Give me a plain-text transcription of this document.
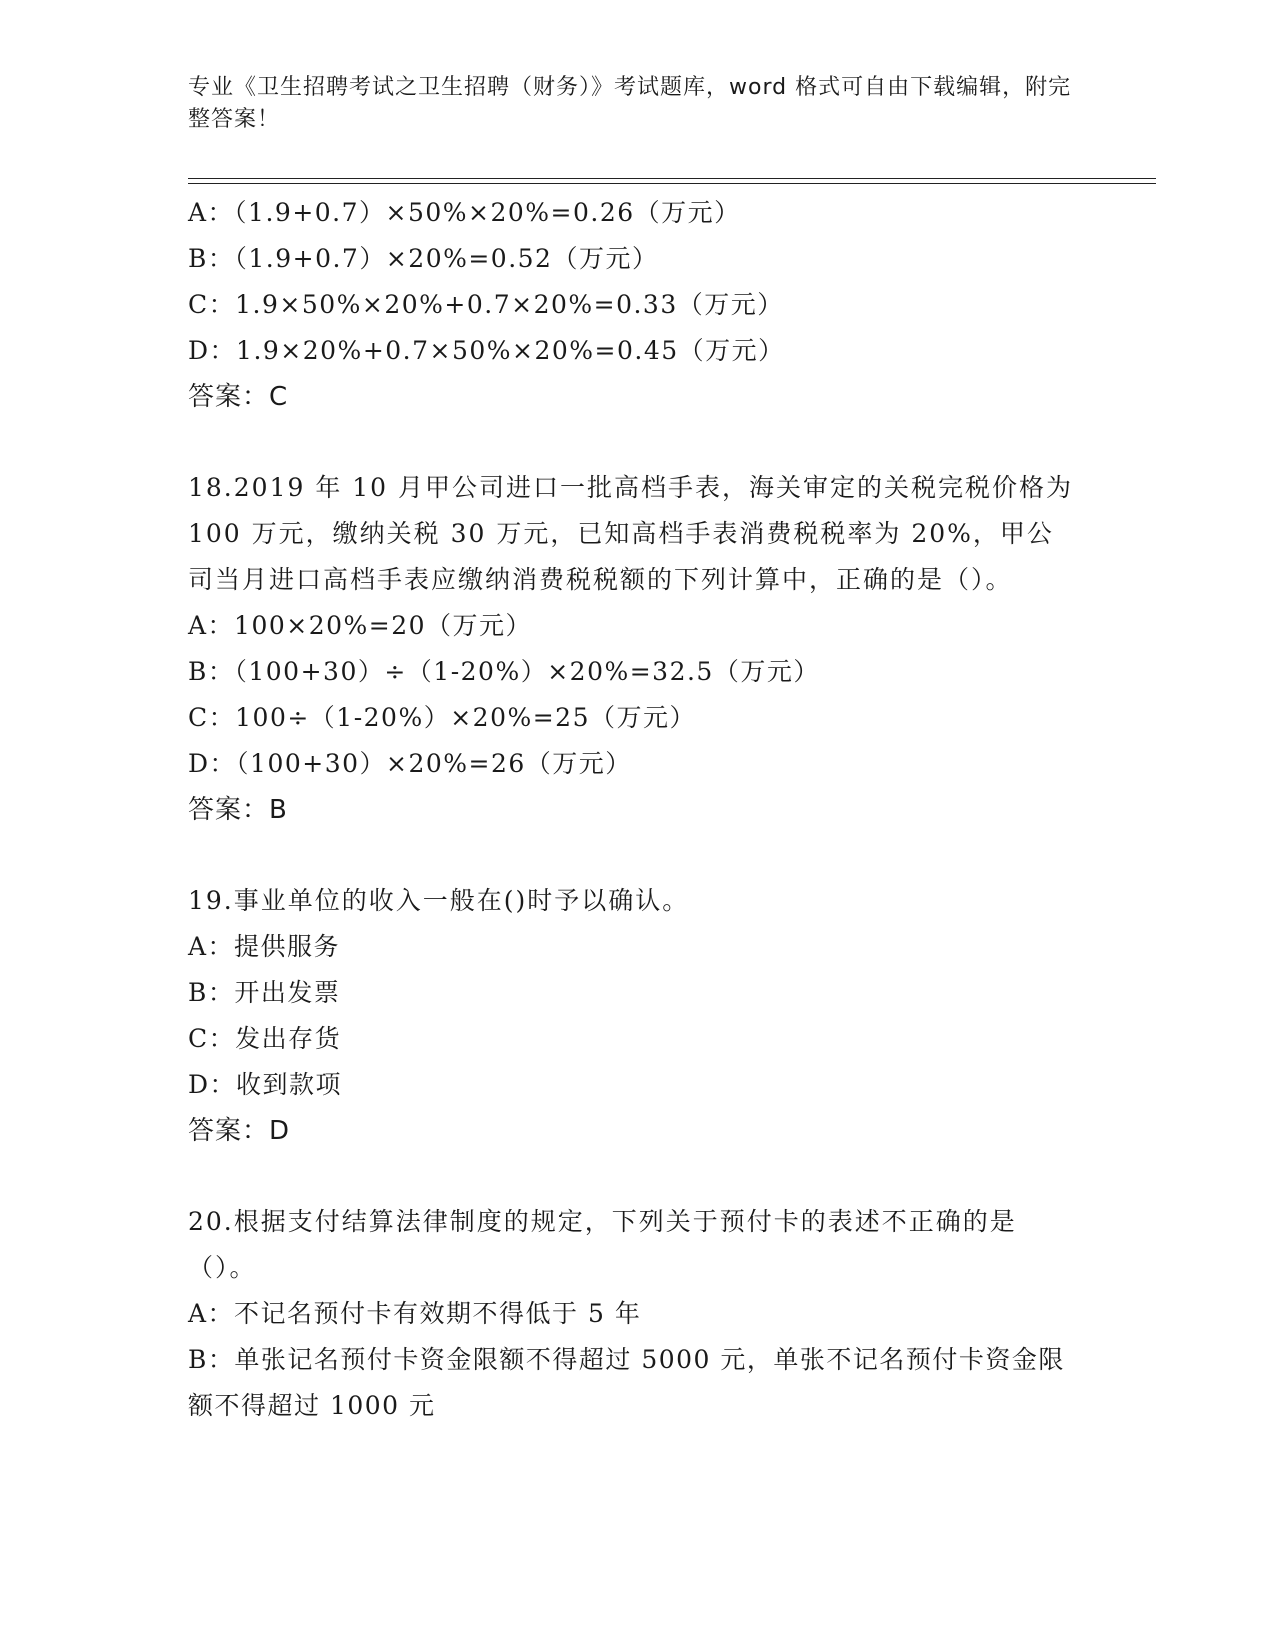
专业《卫生招聘考试之卫生招聘（财务）》考试题库，word 格式可自由下载编辑，附完整答案！
A：（1.9+0.7）×50%×20%=0.26（万元）
B：（1.9+0.7）×20%=0.52（万元）
C：1.9×50%×20%+0.7×20%=0.33（万元）
D：1.9×20%+0.7×50%×20%=0.45（万元）
答案：C
18.2019 年 10 月甲公司进口一批高档手表，海关审定的关税完税价格为 100 万元，缴纳关税 30 万元，已知高档手表消费税税率为 20%，甲公司当月进口高档手表应缴纳消费税税额的下列计算中，正确的是（）。
A：100×20%=20（万元）
B：（100+30）÷（1-20%）×20%=32.5（万元）
C：100÷（1-20%）×20%=25（万元）
D：（100+30）×20%=26（万元）
答案：B
19.事业单位的收入一般在()时予以确认。
A：提供服务
B：开出发票
C：发出存货
D：收到款项
答案：D
20.根据支付结算法律制度的规定，下列关于预付卡的表述不正确的是（）。
A：不记名预付卡有效期不得低于 5 年
B：单张记名预付卡资金限额不得超过 5000 元，单张不记名预付卡资金限额不得超过 1000 元
